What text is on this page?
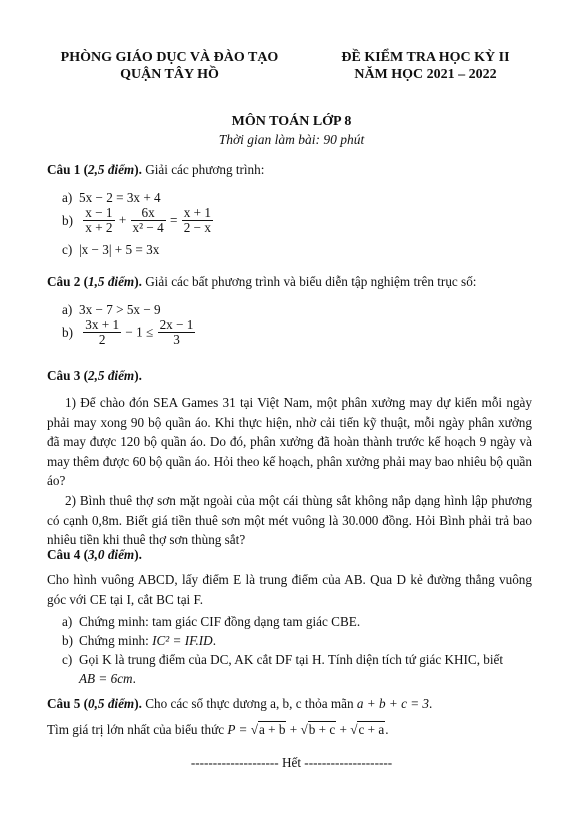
PHÒNG GIÁO DỤC VÀ ĐÀO TẠO
QUẬN TÂY HỒ
ĐỀ KIỂM TRA HỌC KỲ II
NĂM HỌC 2021 – 2022
MÔN TOÁN LỚP 8
Thời gian làm bài: 90 phút
Câu 1 (2,5 điểm). Giải các phương trình:
a) 5x − 2 = 3x + 4
$b) \frac{x - 1}{x + 2} + \frac{6x}{\text{x² − 4}} = \frac{x + 1}{2 - x}$
c) |x − 3| + 5 = 3x
Câu 2 (1,5 điểm). Giải các bất phương trình và biểu diễn tập nghiệm trên trục số:
a) 3x − 7 > 5x − 9
$b) \frac{3x + 1}{2} - 1 \le \frac{2x - 1}{3}$
Câu 3 (2,5 điểm).
1) Để chào đón SEA Games 31 tại Việt Nam, một phân xưởng may dự kiến mỗi ngày phải may xong 90 bộ quần áo. Khi thực hiện, nhờ cải tiến kỹ thuật, mỗi ngày phân xưởng đã may được 120 bộ quần áo. Do đó, phân xưởng đã hoàn thành trước kế hoạch 9 ngày và may thêm được 60 bộ quần áo. Hỏi theo kế hoạch, phân xưởng phải may bao nhiêu bộ quần áo?
2) Bình thuê thợ sơn mặt ngoài của một cái thùng sắt không nắp dạng hình lập phương có cạnh 0,8m. Biết giá tiền thuê sơn một mét vuông là 30.000 đồng. Hỏi Bình phải trả bao nhiêu tiền khi thuê thợ sơn thùng sắt?
Câu 4 (3,0 điểm).
Cho hình vuông ABCD, lấy điểm E là trung điểm của AB. Qua D kẻ đường thẳng vuông góc với CE tại I, cắt BC tại F.
a) Chứng minh: tam giác CIF đồng dạng tam giác CBE.
b) Chứng minh: IC² = IF.ID.
c) Gọi K là trung điểm của DC, AK cắt DF tại H. Tính diện tích tứ giác KHIC, biết
AB = 6cm.
Câu 5 (0,5 điểm). Cho các số thực dương a, b, c thỏa mãn a + b + c = 3.
Tìm giá trị lớn nhất của biểu thức P = √a + b + √b + c + √c + a.
-------------------- Hết --------------------
